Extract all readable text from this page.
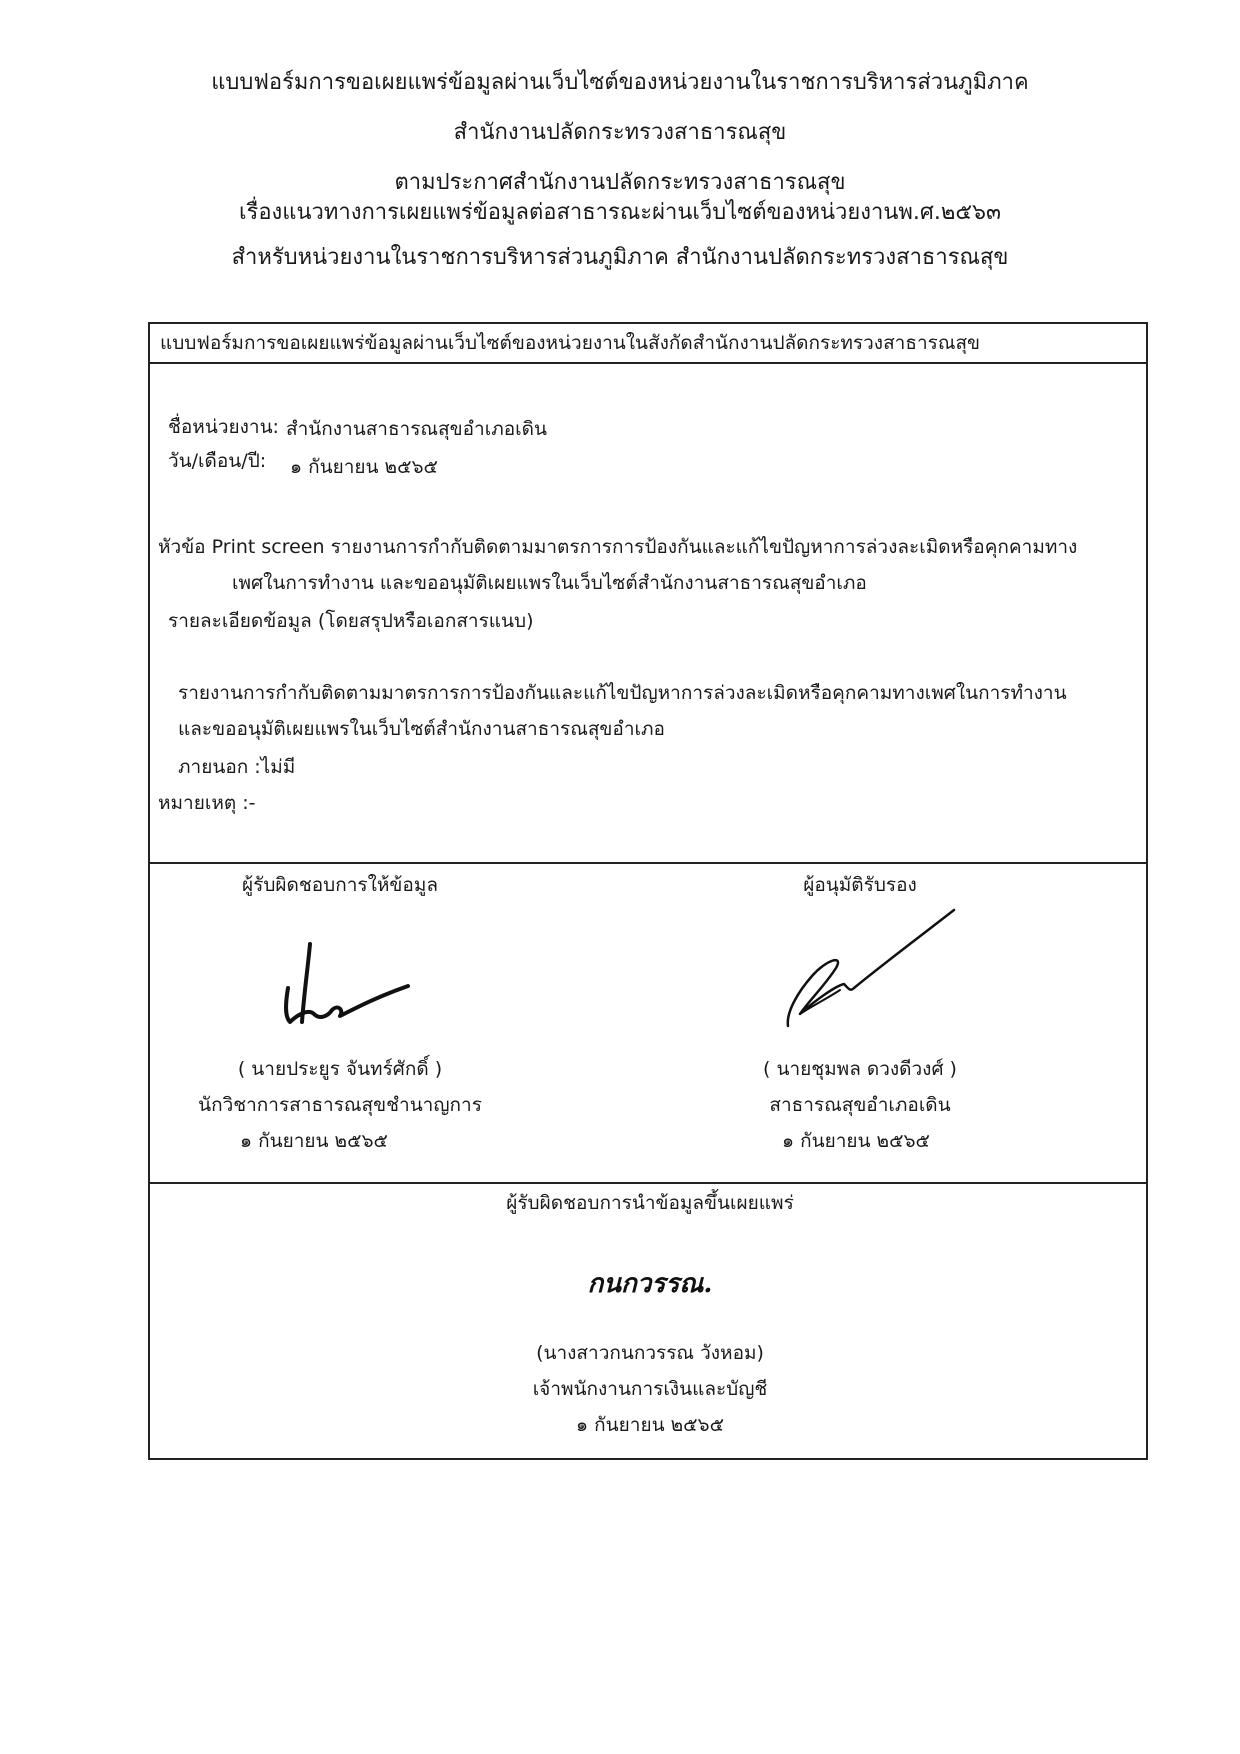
แบบฟอร์มการขอเผยแพร่ข้อมูลผ่านเว็บไซต์ของหน่วยงานในราชการบริหารส่วนภูมิภาค
สำนักงานปลัดกระทรวงสาธารณสุข
ตามประกาศสำนักงานปลัดกระทรวงสาธารณสุข
เรื่องแนวทางการเผยแพร่ข้อมูลต่อสาธารณะผ่านเว็บไซต์ของหน่วยงานพ.ศ.๒๕๖๓
สำหรับหน่วยงานในราชการบริหารส่วนภูมิภาค สำนักงานปลัดกระทรวงสาธารณสุข
แบบฟอร์มการขอเผยแพร่ข้อมูลผ่านเว็บไซต์ของหน่วยงานในสังกัดสำนักงานปลัดกระทรวงสาธารณสุข
ชื่อหน่วยงาน: สำนักงานสาธารณสุขอำเภอเดิน
วัน/เดือน/ปี: ๑ กันยายน ๒๕๖๕
หัวข้อ Print screen รายงานการกำกับติดตามมาตรการการป้องกันและแก้ไขปัญหาการล่วงละเมิดหรือคุกคามทาง
เพศในการทำงาน และขออนุมัติเผยแพรในเว็บไซต์สำนักงานสาธารณสุขอำเภอ
รายละเอียดข้อมูล (โดยสรุปหรือเอกสารแนบ)
รายงานการกำกับติดตามมาตรการการป้องกันและแก้ไขปัญหาการล่วงละเมิดหรือคุกคามทางเพศในการทำงาน
และขออนุมัติเผยแพรในเว็บไซต์สำนักงานสาธารณสุขอำเภอ
ภายนอก :ไม่มี
หมายเหตุ :-
ผู้รับผิดชอบการให้ข้อมูล
( นายประยูร จันทร์ศักดิ์ )
นักวิชาการสาธารณสุขชำนาญการ
๑ กันยายน ๒๕๖๕
ผู้อนุมัติรับรอง
( นายชุมพล ดวงดีวงศ์ )
สาธารณสุขอำเภอเดิน
๑ กันยายน ๒๕๖๕
ผู้รับผิดชอบการนำข้อมูลขึ้นเผยแพร่
กนกวรรณ.
(นางสาวกนกวรรณ วังหอม)
เจ้าพนักงานการเงินและบัญชี
๑ กันยายน ๒๕๖๕
